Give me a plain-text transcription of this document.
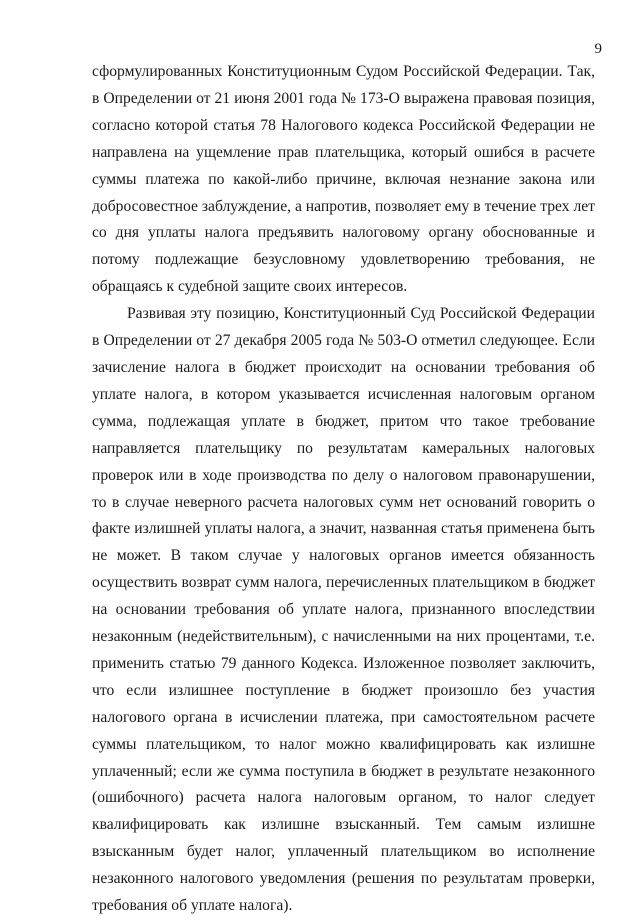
9

сформулированных Конституционным Судом Российской Федерации. Так, в Определении от 21 июня 2001 года № 173-О выражена правовая позиция, согласно которой статья 78 Налогового кодекса Российской Федерации не направлена на ущемление прав плательщика, который ошибся в расчете суммы платежа по какой-либо причине, включая незнание закона или добросовестное заблуждение, а напротив, позволяет ему в течение трех лет со дня уплаты налога предъявить налоговому органу обоснованные и потому подлежащие безусловному удовлетворению требования, не обращаясь к судебной защите своих интересов.

Развивая эту позицию, Конституционный Суд Российской Федерации в Определении от 27 декабря 2005 года № 503-О отметил следующее. Если зачисление налога в бюджет происходит на основании требования об уплате налога, в котором указывается исчисленная налоговым органом сумма, подлежащая уплате в бюджет, притом что такое требование направляется плательщику по результатам камеральных налоговых проверок или в ходе производства по делу о налоговом правонарушении, то в случае неверного расчета налоговых сумм нет оснований говорить о факте излишней уплаты налога, а значит, названная статья применена быть не может. В таком случае у налоговых органов имеется обязанность осуществить возврат сумм налога, перечисленных плательщиком в бюджет на основании требования об уплате налога, признанного впоследствии незаконным (недействительным), с начисленными на них процентами, т.е. применить статью 79 данного Кодекса. Изложенное позволяет заключить, что если излишнее поступление в бюджет произошло без участия налогового органа в исчислении платежа, при самостоятельном расчете суммы плательщиком, то налог можно квалифицировать как излишне уплаченный; если же сумма поступила в бюджет в результате незаконного (ошибочного) расчета налога налоговым органом, то налог следует квалифицировать как излишне взысканный. Тем самым излишне взысканным будет налог, уплаченный плательщиком во исполнение незаконного налогового уведомления (решения по результатам проверки, требования об уплате налога).
